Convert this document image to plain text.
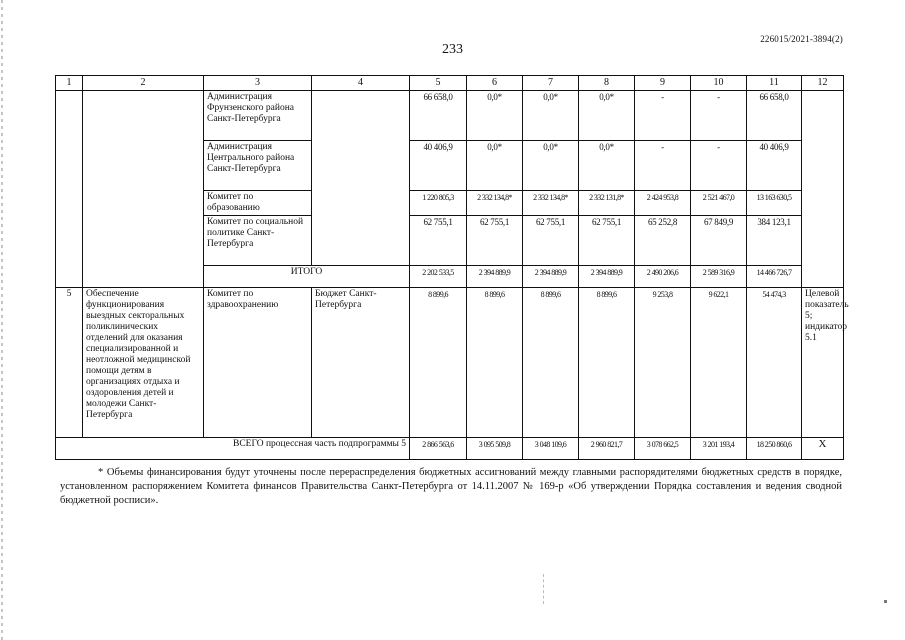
226015/2021-3894(2)
233
1	2	3	4	5	6	7	8	9	10	11	12
		Администрация Фрунзенского района Санкт-Петербурга		66 658,0	0,0*	0,0*	0,0*	-	-	66 658,0	
		Администрация Центрального района Санкт-Петербурга		40 406,9	0,0*	0,0*	0,0*	-	-	40 406,9	
		Комитет по образованию		1 220 805,3	2 332 134,8*	2 332 134,8*	2 332 131,8*	2 424 953,8	2 521 467,0	13 163 630,5	
		Комитет по социальной политике Санкт-Петербурга		62 755,1	62 755,1	62 755,1	62 755,1	65 252,8	67 849,9	384 123,1	
		ИТОГО		2 202 533,5	2 394 889,9	2 394 889,9	2 394 889,9	2 490 206,6	2 589 316,9	14 466 726,7	
5	Обеспечение функционирования выездных секторальных поликлинических отделений для оказания специализированной и неотложной медицинской помощи детям в организациях отдыха и оздоровления детей и молодежи Санкт-Петербурга	Комитет по здравоохранению	Бюджет Санкт-Петербурга	8 899,6	8 899,6	8 899,6	8 899,6	9 253,8	9 622,1	54 474,3	Целевой показатель 5; индикатор 5.1
ВСЕГО процессная часть подпрограммы 5				2 866 563,6	3 095 509,8	3 048 109,6	2 960 821,7	3 078 662,5	3 201 193,4	18 250 860,6	Х
* Объемы финансирования будут уточнены после перераспределения бюджетных ассигнований между главными распорядителями бюджетных средств в порядке, установленном распоряжением Комитета финансов Правительства Санкт-Петербурга от 14.11.2007 № 169-р «Об утверждении Порядка составления и ведения сводной бюджетной росписи».
